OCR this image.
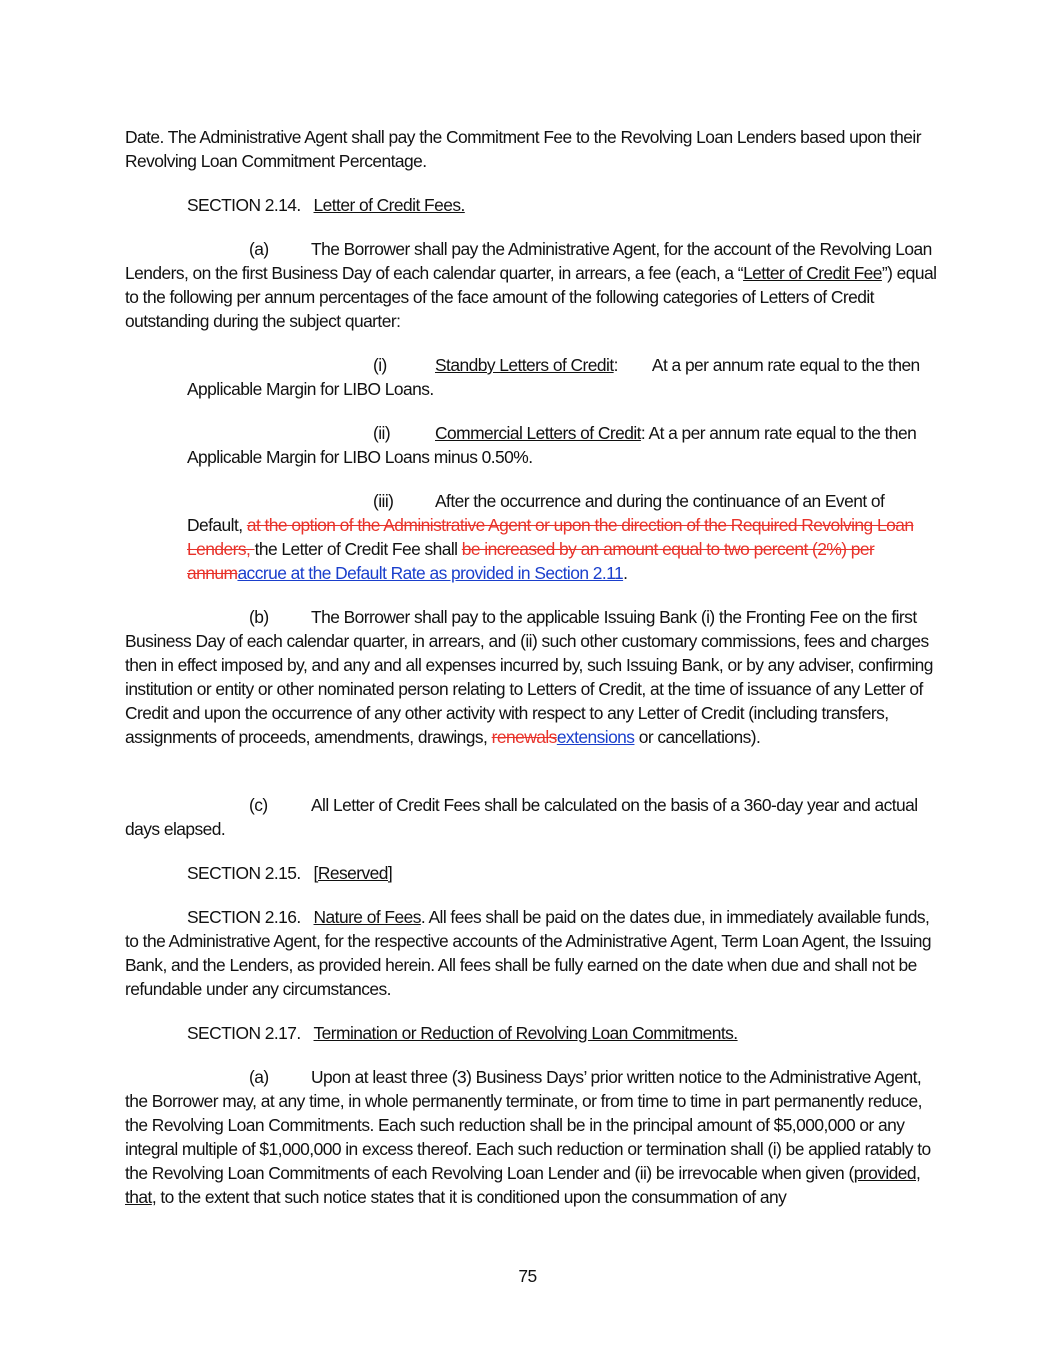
Date. The Administrative Agent shall pay the Commitment Fee to the Revolving Loan Lenders based upon their Revolving Loan Commitment Percentage.

SECTION 2.14. Letter of Credit Fees.

(a) The Borrower shall pay the Administrative Agent, for the account of the Revolving Loan Lenders, on the first Business Day of each calendar quarter, in arrears, a fee (each, a “Letter of Credit Fee”) equal to the following per annum percentages of the face amount of the following categories of Letters of Credit outstanding during the subject quarter:

(i)	Standby Letters of Credit: At a per annum rate equal to the then Applicable Margin for LIBO Loans.

(ii)	Commercial Letters of Credit: At a per annum rate equal to the then Applicable Margin for LIBO Loans minus 0.50%.

(iii) After the occurrence and during the continuance of an Event of Default, at the option of the Administrative Agent or upon the direction of the Required Revolving Loan Lenders, the Letter of Credit Fee shall be increased by an amount equal to two percent (2%) per annumaccrue at the Default Rate as provided in Section 2.11.

(b) The Borrower shall pay to the applicable Issuing Bank (i) the Fronting Fee on the first Business Day of each calendar quarter, in arrears, and (ii) such other customary commissions, fees and charges then in effect imposed by, and any and all expenses incurred by, such Issuing Bank, or by any adviser, confirming institution or entity or other nominated person relating to Letters of Credit, at the time of issuance of any Letter of Credit and upon the occurrence of any other activity with respect to any Letter of Credit (including transfers, assignments of proceeds, amendments, drawings, renewalsextensions or cancellations).

(c) All Letter of Credit Fees shall be calculated on the basis of a 360-day year and actual days elapsed.

SECTION 2.15. [Reserved]

SECTION 2.16. Nature of Fees. All fees shall be paid on the dates due, in immediately available funds, to the Administrative Agent, for the respective accounts of the Administrative Agent, Term Loan Agent, the Issuing Bank, and the Lenders, as provided herein. All fees shall be fully earned on the date when due and shall not be refundable under any circumstances.

SECTION 2.17. Termination or Reduction of Revolving Loan Commitments.

(a) Upon at least three (3) Business Days’ prior written notice to the Administrative Agent, the Borrower may, at any time, in whole permanently terminate, or from time to time in part permanently reduce, the Revolving Loan Commitments. Each such reduction shall be in the principal amount of $5,000,000 or any integral multiple of $1,000,000 in excess thereof. Each such reduction or termination shall (i) be applied ratably to the Revolving Loan Commitments of each Revolving Loan Lender and (ii) be irrevocable when given (provided, that, to the extent that such notice states that it is conditioned upon the consummation of any

75
